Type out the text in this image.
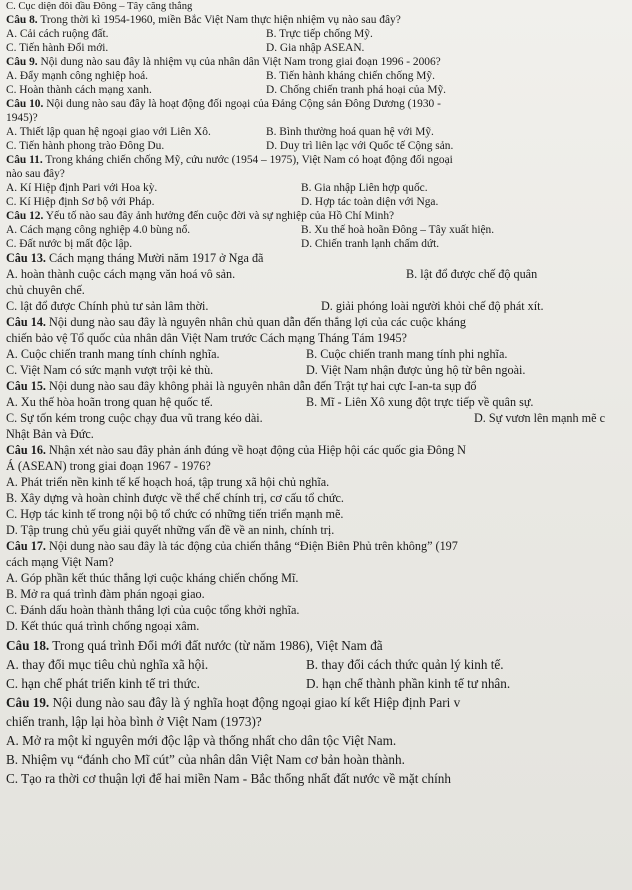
C. Cục diện đôi đầu Đông – Tây căng thẳng
Câu 8. Trong thời kì 1954-1960, miền Bắc Việt Nam thực hiện nhiệm vụ nào sau đây?
A. Cải cách ruộng đất.	B. Trực tiếp chống Mỹ.
C. Tiến hành Đổi mới.	D. Gia nhập ASEAN.
Câu 9. Nội dung nào sau đây là nhiệm vụ của nhân dân Việt Nam trong giai đoạn 1996 - 2006?
A. Đẩy mạnh công nghiệp hoá.	B. Tiến hành kháng chiến chống Mỹ.
C. Hoàn thành cách mạng xanh.	D. Chống chiến tranh phá hoại của Mỹ.
Câu 10. Nội dung nào sau đây là hoạt động đối ngoại của Đảng Cộng sản Đông Dương (1930 -
1945)?
A. Thiết lập quan hệ ngoại giao với Liên Xô.	B. Bình thường hoá quan hệ với Mỹ.
C. Tiến hành phong trào Đông Du.	D. Duy trì liên lạc với Quốc tế Cộng sản.
Câu 11. Trong kháng chiến chống Mỹ, cứu nước (1954 – 1975), Việt Nam có hoạt động đối ngoại
nào sau đây?
A. Kí Hiệp định Pari với Hoa kỳ.	B. Gia nhập Liên hợp quốc.
C. Kí Hiệp định Sơ bộ với Pháp.	D. Hợp tác toàn diện với Nga.
Câu 12. Yếu tố nào sau đây ảnh hưởng đến cuộc đời và sự nghiệp của Hồ Chí Minh?
A. Cách mạng công nghiệp 4.0 bùng nổ.	B. Xu thế hoà hoãn Đông – Tây xuất hiện.
C. Đất nước bị mất độc lập.	D. Chiến tranh lạnh chấm dứt.
Câu 13. Cách mạng tháng Mười năm 1917 ở Nga đã
A. hoàn thành cuộc cách mạng văn hoá vô sản.	B. lật đổ được chế độ quân
chủ chuyên chế.
C. lật đổ được Chính phủ tư sản lâm thời.	D. giải phóng loài người khỏi chế độ phát xít.
Câu 14. Nội dung nào sau đây là nguyên nhân chủ quan dẫn đến thắng lợi của các cuộc kháng
chiến bảo vệ Tổ quốc của nhân dân Việt Nam trước Cách mạng Tháng Tám 1945?
A. Cuộc chiến tranh mang tính chính nghĩa.	B. Cuộc chiến tranh mang tính phi nghĩa.
C. Việt Nam có sức mạnh vượt trội kẻ thù.	D. Việt Nam nhận được ủng hộ từ bên ngoài.
Câu 15. Nội dung nào sau đây không phải là nguyên nhân dẫn đến Trật tự hai cực I-an-ta sụp đổ
A. Xu thế hòa hoãn trong quan hệ quốc tế.	B. Mĩ - Liên Xô xung đột trực tiếp về quân sự.
C. Sự tốn kém trong cuộc chạy đua vũ trang kéo dài.	D. Sự vươn lên mạnh mẽ c
Nhật Bản và Đức.
Câu 16. Nhận xét nào sau đây phản ánh đúng về hoạt động của Hiệp hội các quốc gia Đông N
Á (ASEAN) trong giai đoạn 1967 - 1976?
A. Phát triển nền kinh tế kế hoạch hoá, tập trung xã hội chủ nghĩa.
B. Xây dựng và hoàn chỉnh được về thể chế chính trị, cơ cấu tổ chức.
C. Hợp tác kinh tế trong nội bộ tổ chức có những tiến triển mạnh mẽ.
D. Tập trung chủ yếu giải quyết những vấn đề về an ninh, chính trị.
Câu 17. Nội dung nào sau đây là tác động của chiến thắng “Điện Biên Phủ trên không” (197
cách mạng Việt Nam?
A. Góp phần kết thúc thắng lợi cuộc kháng chiến chống Mĩ.
B. Mở ra quá trình đàm phán ngoại giao.
C. Đánh dấu hoàn thành thắng lợi của cuộc tổng khởi nghĩa.
D. Kết thúc quá trình chống ngoại xâm.
Câu 18. Trong quá trình Đổi mới đất nước (từ năm 1986), Việt Nam đã
A. thay đổi mục tiêu chủ nghĩa xã hội.	B. thay đổi cách thức quản lý kinh tế.
C. hạn chế phát triển kinh tế tri thức.	D. hạn chế thành phần kinh tế tư nhân.
Câu 19. Nội dung nào sau đây là ý nghĩa hoạt động ngoại giao kí kết Hiệp định Pari v
chiến tranh, lập lại hòa bình ở Việt Nam (1973)?
A. Mở ra một kỉ nguyên mới độc lập và thống nhất cho dân tộc Việt Nam.
B. Nhiệm vụ “đánh cho Mĩ cút” của nhân dân Việt Nam cơ bản hoàn thành.
C. Tạo ra thời cơ thuận lợi để hai miền Nam - Bắc thống nhất đất nước về mặt chính
